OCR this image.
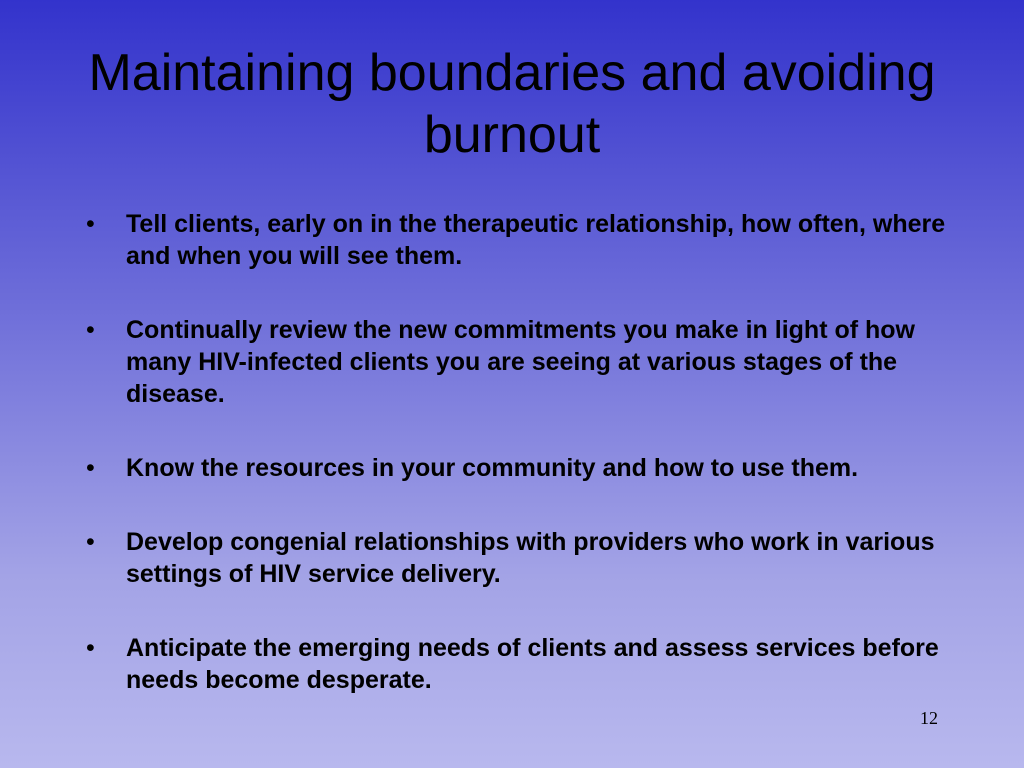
Maintaining boundaries and avoiding burnout
• Tell clients, early on in the therapeutic relationship, how often, where and when you will see them.
• Continually review the new commitments you make in light of how many HIV-infected clients you are seeing at various stages of the disease.
• Know the resources in your community and how to use them.
• Develop congenial relationships with providers who work in various settings of HIV service delivery.
• Anticipate the emerging needs of clients and assess services before needs become desperate.
12
